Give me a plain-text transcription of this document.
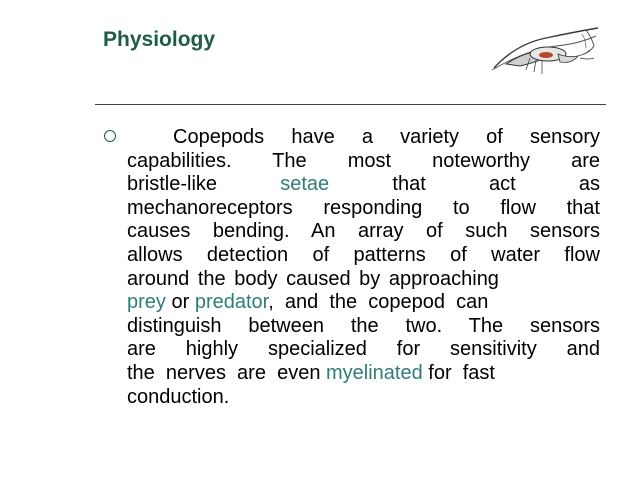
Physiology
Copepods have a variety of sensory
capabilities. The most noteworthy are
bristle-like	setae	that	act	as
mechanoreceptors responding to flow that
causes bending. An array of such sensors
allows detection of patterns of water flow
around the body caused by approaching
prey or predator,  and  the  copepod  can
distinguish between the two. The sensors
are highly specialized for sensitivity and
the  nerves  are  even myelinated for  fast
conduction.
